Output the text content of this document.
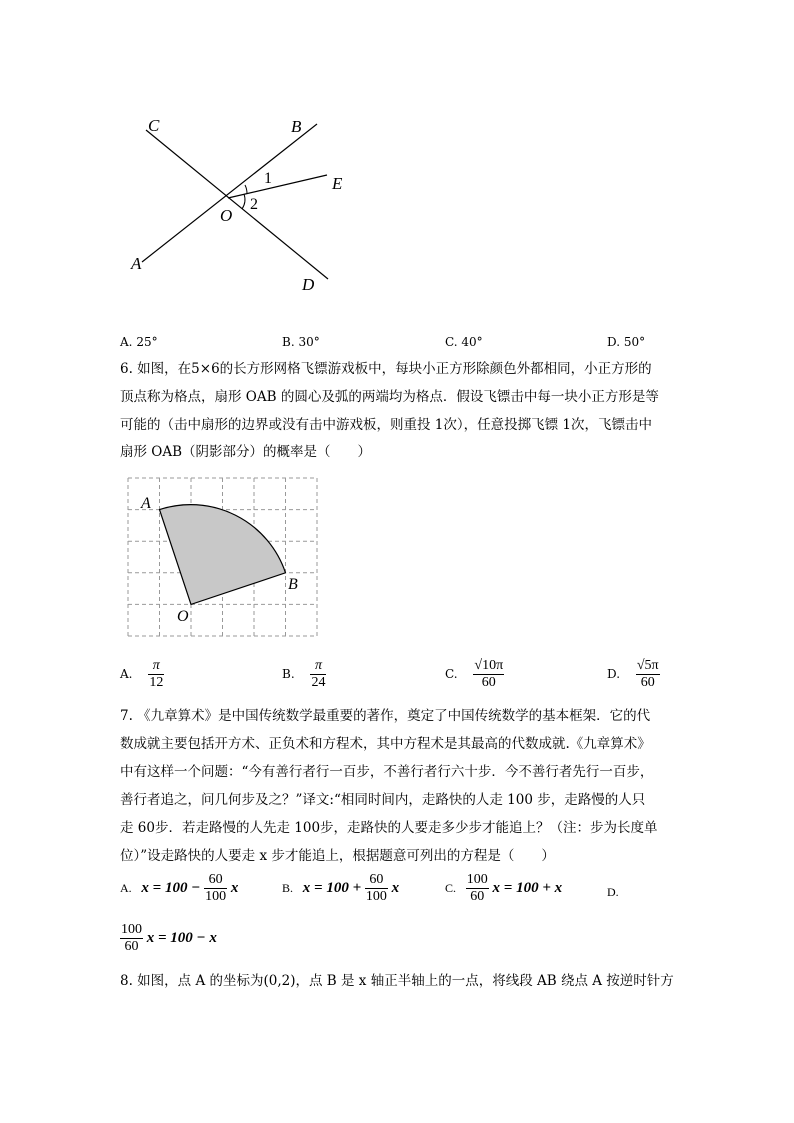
C	B
E
O
A
D
1
2
A. 25°	B. 30°	C. 40°	D. 50°
6. 如图，在5×6的长方形网格飞镖游戏板中，每块小正方形除颜色外都相同，小正方形的
顶点称为格点，扇形 OAB 的圆心及弧的两端均为格点．假设飞镖击中每一块小正方形是等
可能的（击中扇形的边界或没有击中游戏板，则重投 1次），任意投掷飞镖 1次，飞镖击中
扇形 OAB（阴影部分）的概率是（　　）
A
B
O
A. $\frac{\pi}{12}$	B. $\frac{\pi}{24}$	C. $\frac{√10\pi}{60}$	D. $\frac{√5\pi}{60}$
7. 《九章算术》是中国传统数学最重要的著作，奠定了中国传统数学的基本框架．它的代
数成就主要包括开方术、正负术和方程术，其中方程术是其最高的代数成就.《九章算术》
中有这样一个问题：“今有善行者行一百步，不善行者行六十步．今不善行者先行一百步，
善行者追之，问几何步及之？”译文:“相同时间内，走路快的人走 100 步，走路慢的人只
走 60步．若走路慢的人先走 100步，走路快的人要走多少步才能追上？（注：步为长度单
位）”设走路快的人要走 x 步才能追上，根据题意可列出的方程是（　　）
A. $x = 100 - \frac{60}{100}$ x	B. $x = 100 + \frac{60}{100}$ x	C. $\frac{100}{60}$ x = 100 + x	D.
$\frac{100}{60}$ x = 100 − x
8. 如图，点 A 的坐标为(0,2)，点 B 是 x 轴正半轴上的一点，将线段 AB 绕点 A 按逆时针方
